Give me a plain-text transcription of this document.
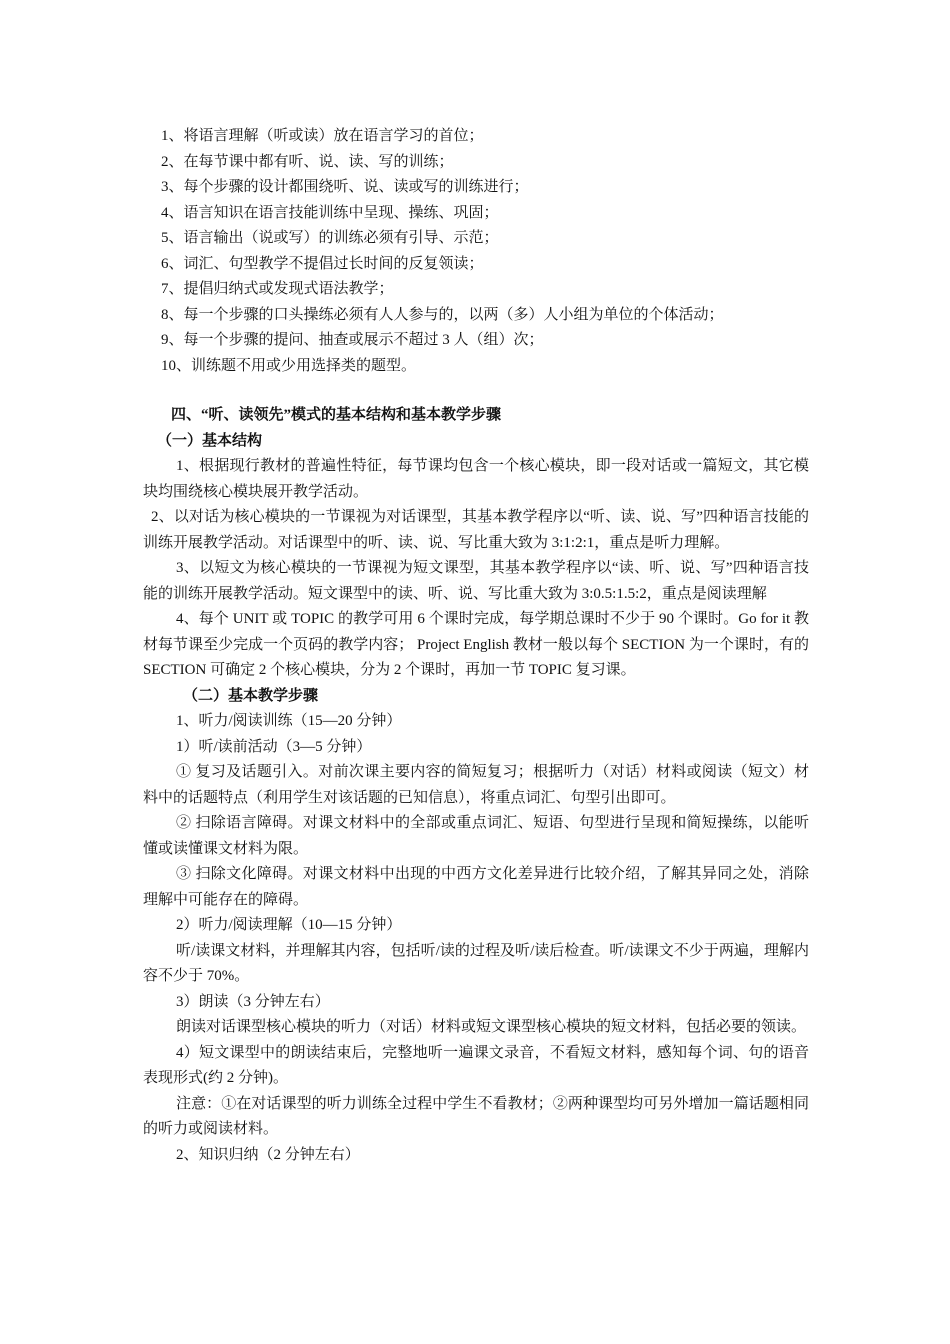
1、将语言理解（听或读）放在语言学习的首位；
2、在每节课中都有听、说、读、写的训练；
3、每个步骤的设计都围绕听、说、读或写的训练进行；
4、语言知识在语言技能训练中呈现、操练、巩固；
5、语言输出（说或写）的训练必须有引导、示范；
6、词汇、句型教学不提倡过长时间的反复领读；
7、提倡归纳式或发现式语法教学；
8、每一个步骤的口头操练必须有人人参与的，以两（多）人小组为单位的个体活动；
9、每一个步骤的提问、抽查或展示不超过 3 人（组）次；
10、训练题不用或少用选择类的题型。
四、“听、读领先”模式的基本结构和基本教学步骤
（一）基本结构

1、根据现行教材的普遍性特征，每节课均包含一个核心模块，即一段对话或一篇短文，其它模块均围绕核心模块展开教学活动。

2、以对话为核心模块的一节课视为对话课型，其基本教学程序以“听、读、说、写”四种语言技能的训练开展教学活动。对话课型中的听、读、说、写比重大致为 3:1:2:1，重点是听力理解。

3、以短文为核心模块的一节课视为短文课型，其基本教学程序以“读、听、说、写”四种语言技能的训练开展教学活动。短文课型中的读、听、说、写比重大致为 3:0.5:1.5:2，重点是阅读理解

4、每个 UNIT 或 TOPIC 的教学可用 6 个课时完成，每学期总课时不少于 90 个课时。Go for it 教材每节课至少完成一个页码的教学内容； Project English 教材一般以每个 SECTION 为一个课时，有的 SECTION 可确定 2 个核心模块，分为 2 个课时，再加一节 TOPIC 复习课。

（二）基本教学步骤
1、听力/阅读训练（15—20 分钟）
1）听/读前活动（3—5 分钟）

① 复习及话题引入。对前次课主要内容的简短复习；根据听力（对话）材料或阅读（短文）材料中的话题特点（利用学生对该话题的已知信息），将重点词汇、句型引出即可。

② 扫除语言障碍。对课文材料中的全部或重点词汇、短语、句型进行呈现和简短操练，以能听懂或读懂课文材料为限。

③ 扫除文化障碍。对课文材料中出现的中西方文化差异进行比较介绍，了解其异同之处，消除理解中可能存在的障碍。

2）听力/阅读理解（10—15 分钟）

听/读课文材料，并理解其内容，包括听/读的过程及听/读后检查。听/读课文不少于两遍，理解内容不少于 70%。

3）朗读（3 分钟左右）

朗读对话课型核心模块的听力（对话）材料或短文课型核心模块的短文材料，包括必要的领读。

4）短文课型中的朗读结束后，完整地听一遍课文录音，不看短文材料，感知每个词、句的语音表现形式(约 2 分钟)。

注意：①在对话课型的听力训练全过程中学生不看教材；②两种课型均可另外增加一篇话题相同的听力或阅读材料。

2、知识归纳（2 分钟左右）
